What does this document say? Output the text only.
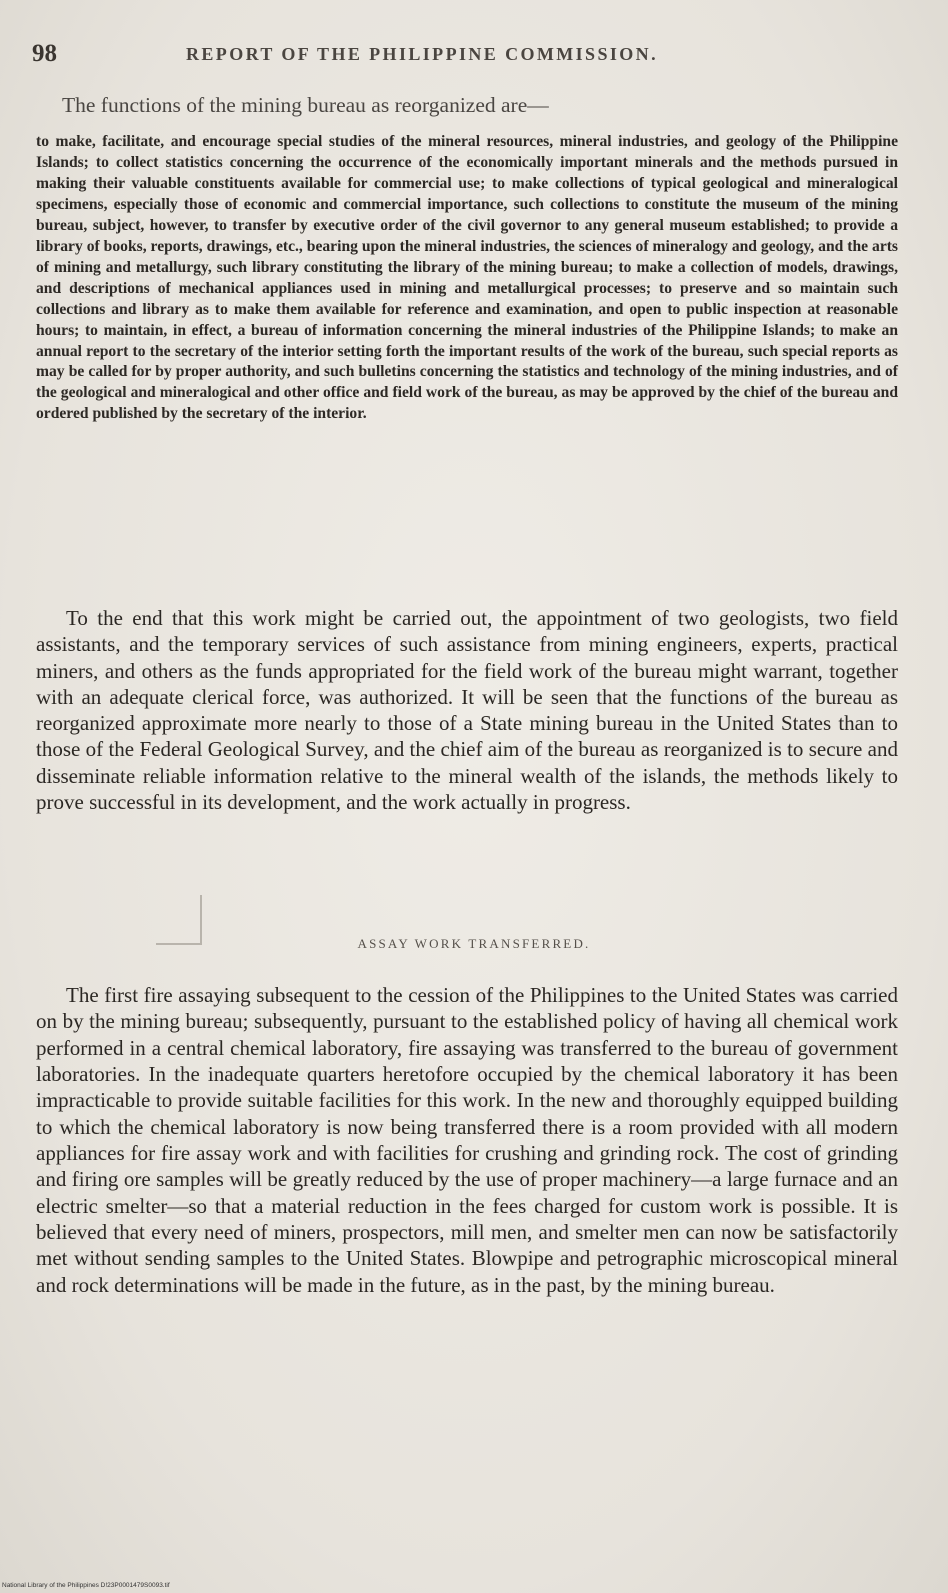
98	REPORT OF THE PHILIPPINE COMMISSION.
The functions of the mining bureau as reorganized are—

to make, facilitate, and encourage special studies of the mineral resources, mineral industries, and geology of the Philippine Islands; to collect statistics concerning the occurrence of the economically important minerals and the methods pursued in making their valuable constituents available for commercial use; to make collections of typical geological and mineralogical specimens, especially those of economic and commercial importance, such collections to constitute the museum of the mining bureau, subject, however, to transfer by executive order of the civil governor to any general museum established; to provide a library of books, reports, drawings, etc., bearing upon the mineral industries, the sciences of mineralogy and geology, and the arts of mining and metallurgy, such library constituting the library of the mining bureau; to make a collection of models, drawings, and descriptions of mechanical appliances used in mining and metallurgical processes; to preserve and so maintain such collections and library as to make them available for reference and examination, and open to public inspection at reasonable hours; to maintain, in effect, a bureau of information concerning the mineral industries of the Philippine Islands; to make an annual report to the secretary of the interior setting forth the important results of the work of the bureau, such special reports as may be called for by proper authority, and such bulletins concerning the statistics and technology of the mining industries, and of the geological and mineralogical and other office and field work of the bureau, as may be approved by the chief of the bureau and ordered published by the secretary of the interior.

To the end that this work might be carried out, the appointment of two geologists, two field assistants, and the temporary services of such assistance from mining engineers, experts, practical miners, and others as the funds appropriated for the field work of the bureau might warrant, together with an adequate clerical force, was authorized. It will be seen that the functions of the bureau as reorganized approximate more nearly to those of a State mining bureau in the United States than to those of the Federal Geological Survey, and the chief aim of the bureau as reorganized is to secure and disseminate reliable information relative to the mineral wealth of the islands, the methods likely to prove successful in its development, and the work actually in progress.

ASSAY WORK TRANSFERRED.

The first fire assaying subsequent to the cession of the Philippines to the United States was carried on by the mining bureau; subsequently, pursuant to the established policy of having all chemical work performed in a central chemical laboratory, fire assaying was transferred to the bureau of government laboratories. In the inadequate quarters heretofore occupied by the chemical laboratory it has been impracticable to provide suitable facilities for this work. In the new and thoroughly equipped building to which the chemical laboratory is now being transferred there is a room provided with all modern appliances for fire assay work and with facilities for crushing and grinding rock. The cost of grinding and firing ore samples will be greatly reduced by the use of proper machinery—a large furnace and an electric smelter—so that a material reduction in the fees charged for custom work is possible. It is believed that every need of miners, prospectors, mill men, and smelter men can now be satisfactorily met without sending samples to the United States. Blowpipe and petrographic microscopical mineral and rock determinations will be made in the future, as in the past, by the mining bureau.

National Library of the Philippines D!23P0001479S0093.tif
